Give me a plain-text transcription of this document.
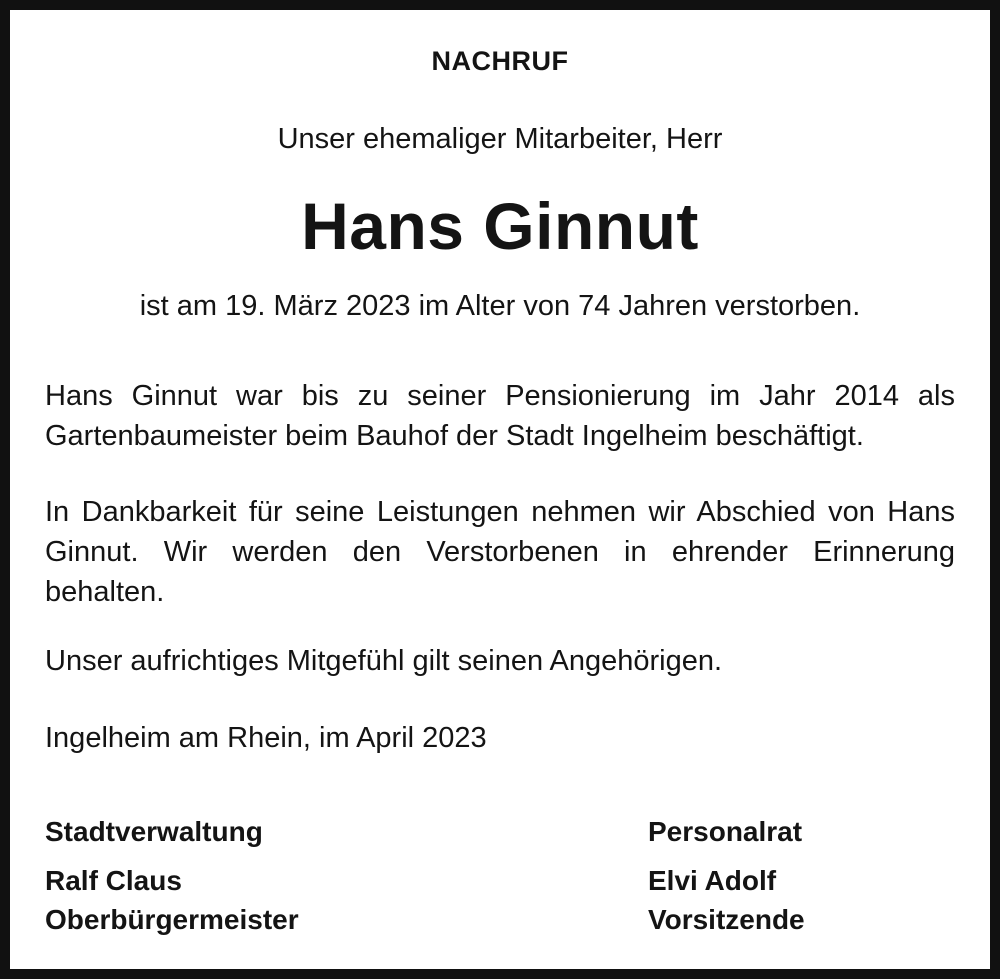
NACHRUF

Unser ehemaliger Mitarbeiter, Herr

Hans Ginnut

ist am 19. März 2023 im Alter von 74 Jahren verstorben.

Hans Ginnut war bis zu seiner Pensionierung im Jahr 2014 als Gartenbaumeister beim Bauhof der Stadt Ingelheim beschäftigt.

In Dankbarkeit für seine Leistungen nehmen wir Abschied von Hans Ginnut. Wir werden den Verstorbenen in ehrender Erinnerung behalten.

Unser aufrichtiges Mitgefühl gilt seinen Angehörigen.

Ingelheim am Rhein, im April 2023

Stadtverwaltung

Ralf Claus

Oberbürgermeister

Personalrat

Elvi Adolf

Vorsitzende
